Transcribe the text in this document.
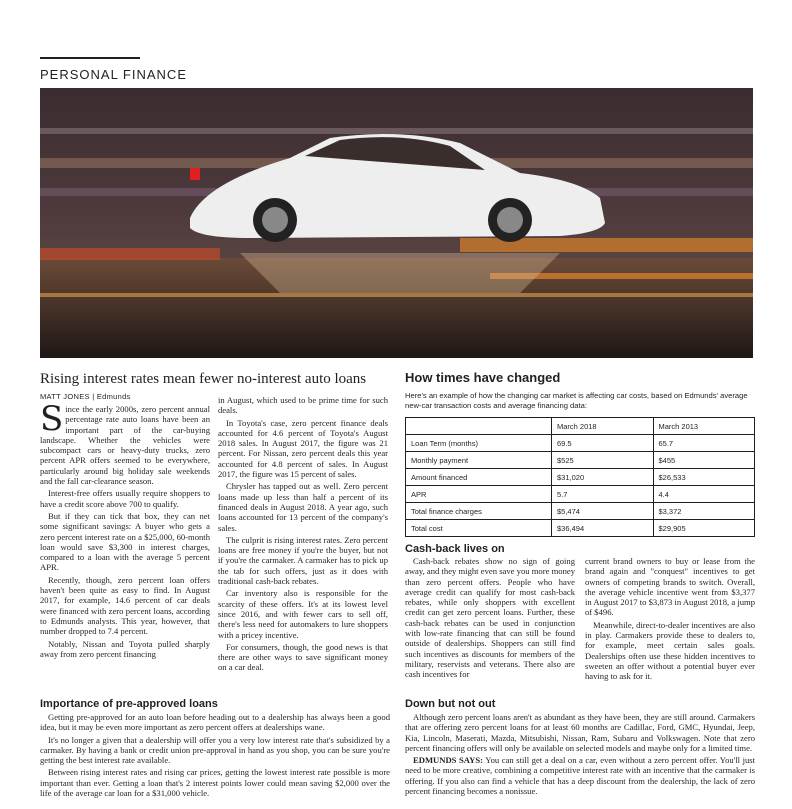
PERSONAL FINANCE
Rising interest rates mean fewer no-interest auto loans
MATT JONES | Edmunds

Since the early 2000s, zero percent annual percentage rate auto loans have been an important part of the car-buying landscape. Whether the vehicles were subcompact cars or heavy-duty trucks, zero percent APR offers seemed to be everywhere, particularly around big holiday sale weekends and the fall car-clearance season.

Interest-free offers usually require shoppers to have a credit score above 700 to qualify.

But if they can tick that box, they can net some significant savings: A buyer who gets a zero percent interest rate on a $25,000, 60-month loan would save $3,300 in interest charges, compared to a loan with the average 5 percent APR.

Recently, though, zero percent loan offers haven't been quite as easy to find. In August 2017, for example, 14.6 percent of car deals were financed with zero percent loans, according to Edmunds analysts. This year, however, that number dropped to 7.4 percent.

Notably, Nissan and Toyota pulled sharply away from zero percent financing

in August, which used to be prime time for such deals.

In Toyota's case, zero percent finance deals accounted for 4.6 percent of Toyota's August 2018 sales. In August 2017, the figure was 21 percent. For Nissan, zero percent deals this year accounted for 4.8 percent of sales. In August 2017, the figure was 15 percent of sales.

Chrysler has tapped out as well. Zero percent loans made up less than half a percent of its financed deals in August 2018. A year ago, such loans accounted for 13 percent of the company's sales.

The culprit is rising interest rates. Zero percent loans are free money if you're the buyer, but not if you're the carmaker. A carmaker has to pick up the tab for such offers, just as it does with traditional cash-back rebates.

Car inventory also is responsible for the scarcity of these offers. It's at its lowest level since 2016, and with fewer cars to sell off, there's less need for automakers to lure shoppers with a pricey incentive.

For consumers, though, the good news is that there are other ways to save significant money on a car deal.

Importance of pre-approved loans

Getting pre-approved for an auto loan before heading out to a dealership has always been a good idea, but it may be even more important as zero percent offers at dealerships wane.

It's no longer a given that a dealership will offer you a very low interest rate that's subsidized by a carmaker. By having a bank or credit union pre-approval in hand as you shop, you can be sure you're getting the best interest rate available.

Between rising interest rates and rising car prices, getting the lowest interest rate possible is more important than ever. Getting a loan that's 2 interest points lower could mean saving $2,000 over the life of the average car loan for a $31,000 vehicle.

How times have changed
Here's an example of how the changing car market is affecting car costs, based on Edmunds' average new-car transaction costs and average financing data:
	March 2018	March 2013
Loan Term (months)	69.5	65.7
Monthly payment	$525	$455
Amount financed	$31,020	$26,533
APR	5.7	4.4
Total finance charges	$5,474	$3,372
Total cost	$36,494	$29,905
Cash-back lives on

Cash-back rebates show no sign of going away, and they might even save you more money than zero percent offers. People who have average credit can qualify for most cash-back rebates, while only shoppers with excellent credit can get zero percent loans. Further, these cash-back rebates can be used in conjunction with low-rate financing that can still be found outside of dealerships. Shoppers can still find such incentives as discounts for members of the military, reservists and veterans. There also are cash incentives for

current brand owners to buy or lease from the brand again and "conquest" incentives to get owners of competing brands to switch. Overall, the average vehicle incentive went from $3,377 in August 2017 to $3,873 in August 2018, a jump of $496.

Meanwhile, direct-to-dealer incentives are also in play. Carmakers provide these to dealers to, for example, meet certain sales goals. Dealerships often use these hidden incentives to sweeten an offer without a potential buyer ever having to ask for it.

Down but not out

Although zero percent loans aren't as abundant as they have been, they are still around. Carmakers that are offering zero percent loans for at least 60 months are Cadillac, Ford, GMC, Hyundai, Jeep, Kia, Lincoln, Maserati, Mazda, Mitsubishi, Nissan, Ram, Subaru and Volkswagen. Note that zero percent financing offers will only be available on selected models and maybe only for a limited time.

EDMUNDS SAYS: You can still get a deal on a car, even without a zero percent offer. You'll just need to be more creative, combining a competitive interest rate with an incentive that the carmaker is offering. If you also can find a vehicle that has a deep discount from the dealership, the lack of zero percent financing becomes a nonissue.
